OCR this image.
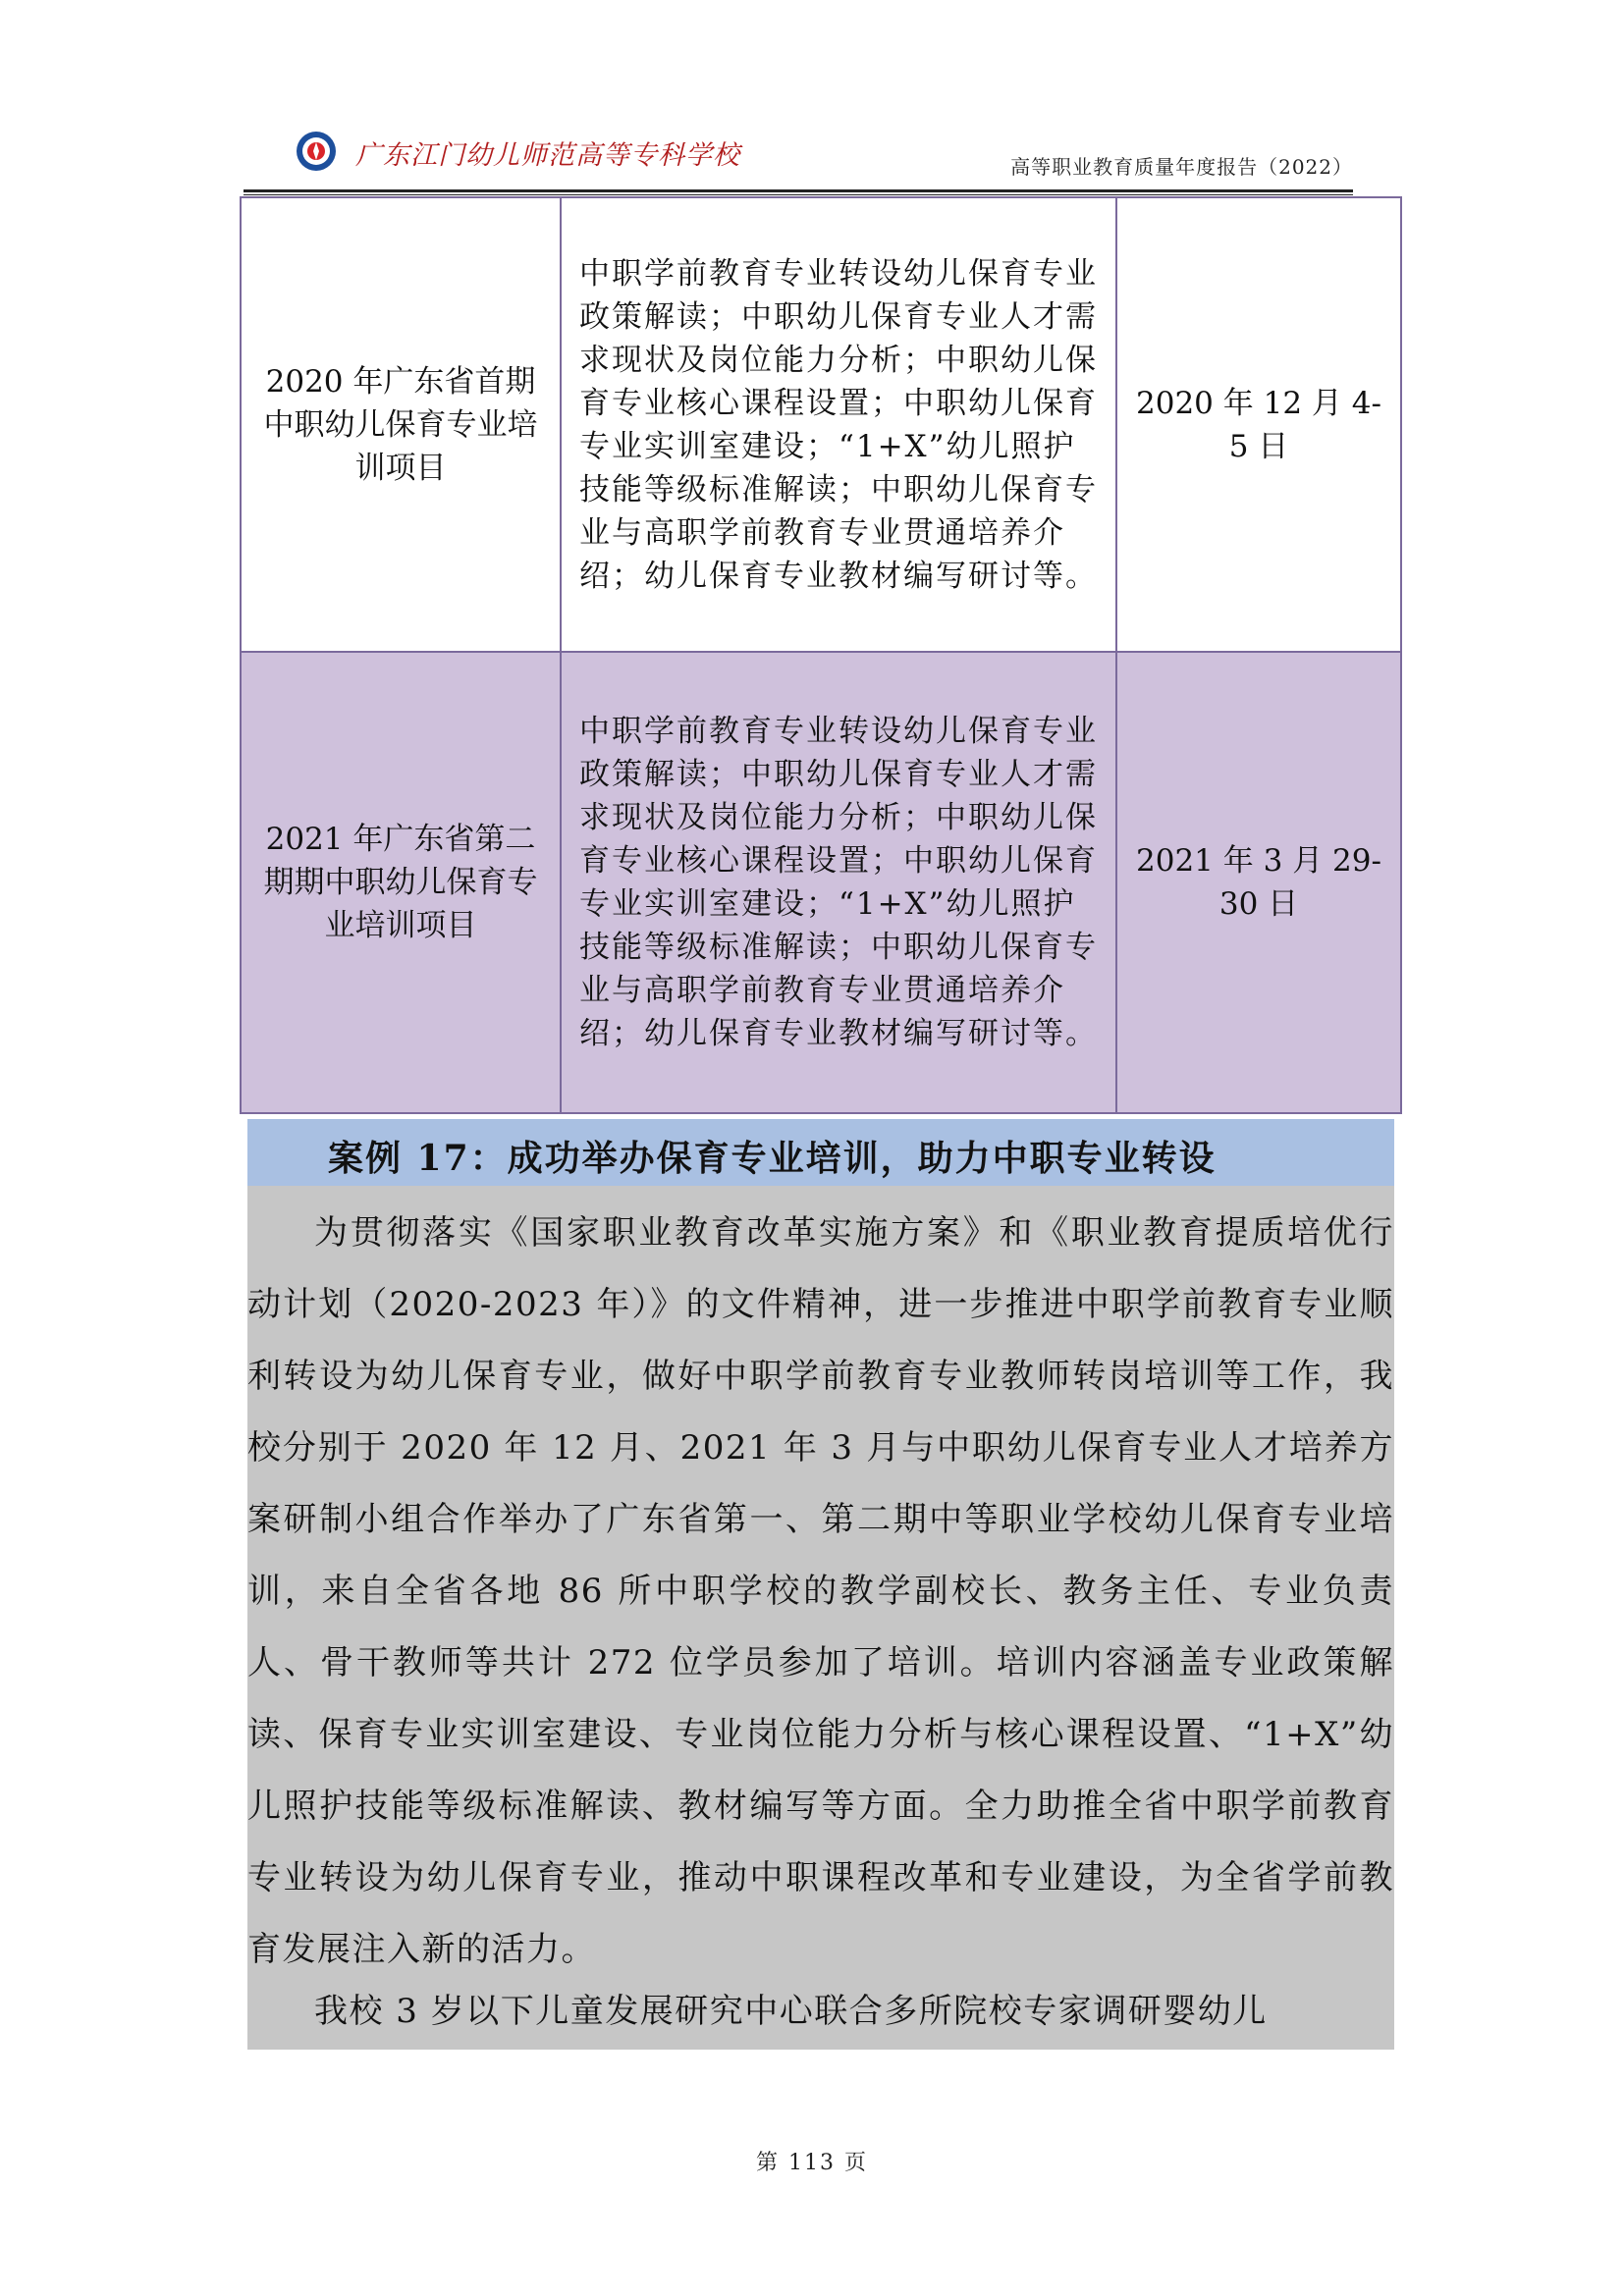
广东江门幼儿师范高等专科学校	高等职业教育质量年度报告（2022）
2020 年广东省首期中职幼儿保育专业培训项目	中职学前教育专业转设幼儿保育专业政策解读；中职幼儿保育专业人才需求现状及岗位能力分析；中职幼儿保育专业核心课程设置；中职幼儿保育专业实训室建设；“1+X”幼儿照护技能等级标准解读；中职幼儿保育专业与高职学前教育专业贯通培养介绍；幼儿保育专业教材编写研讨等。	2020 年 12 月 4-5 日
2021 年广东省第二期期中职幼儿保育专业培训项目	中职学前教育专业转设幼儿保育专业政策解读；中职幼儿保育专业人才需求现状及岗位能力分析；中职幼儿保育专业核心课程设置；中职幼儿保育专业实训室建设；“1+X”幼儿照护技能等级标准解读；中职幼儿保育专业与高职学前教育专业贯通培养介绍；幼儿保育专业教材编写研讨等。	2021 年 3 月 29-30 日
案例 17：成功举办保育专业培训，助力中职专业转设

为贯彻落实《国家职业教育改革实施方案》和《职业教育提质培优行动计划（2020-2023 年）》的文件精神，进一步推进中职学前教育专业顺利转设为幼儿保育专业，做好中职学前教育专业教师转岗培训等工作，我校分别于 2020 年 12 月、2021 年 3 月与中职幼儿保育专业人才培养方案研制小组合作举办了广东省第一、第二期中等职业学校幼儿保育专业培训，来自全省各地 86 所中职学校的教学副校长、教务主任、专业负责人、骨干教师等共计 272 位学员参加了培训。培训内容涵盖专业政策解读、保育专业实训室建设、专业岗位能力分析与核心课程设置、“1+X”幼儿照护技能等级标准解读、教材编写等方面。全力助推全省中职学前教育专业转设为幼儿保育专业，推动中职课程改革和专业建设，为全省学前教育发展注入新的活力。

我校 3 岁以下儿童发展研究中心联合多所院校专家调研婴幼儿

第 113 页
